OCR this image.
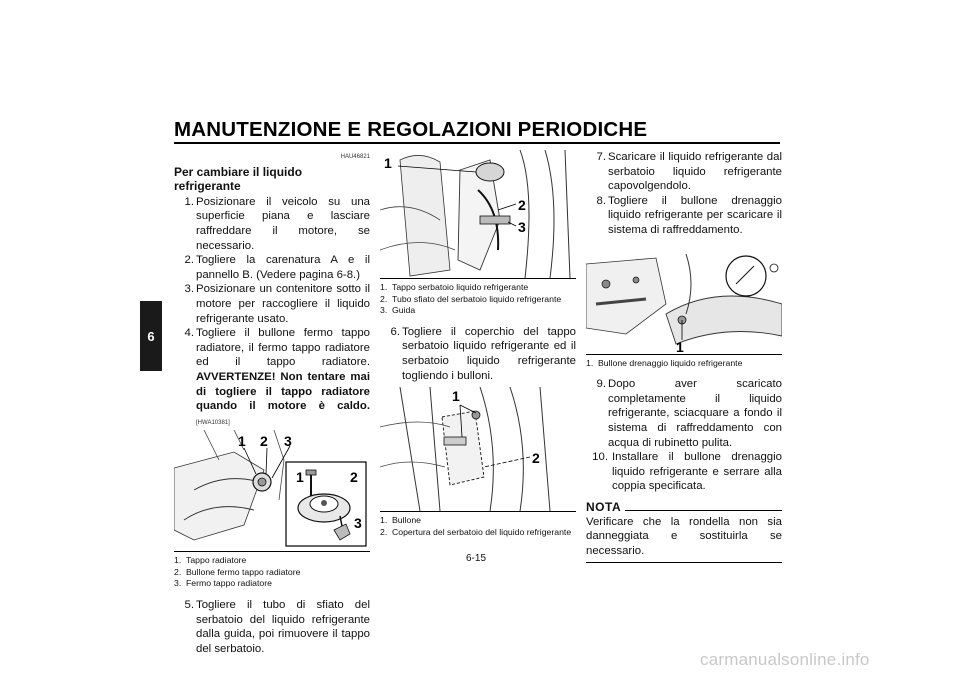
MANUTENZIONE E REGOLAZIONI PERIODICHE
6
HAU46821
Per cambiare il liquido refrigerante
1. Posizionare il veicolo su una superficie piana e lasciare raffreddare il motore, se necessario.
2. Togliere la carenatura A e il pannello B. (Vedere pagina 6-8.)
3. Posizionare un contenitore sotto il motore per raccogliere il liquido refrigerante usato.
4. Togliere il bullone fermo tappo radiatore, il fermo tappo radiatore ed il tappo radiatore. AVVERTENZE! Non tentare mai di togliere il tappo radiatore quando il motore è caldo. [HWA10381]
1 2 3
1	2
3
1. Tappo radiatore
2. Bullone fermo tappo radiatore
3. Fermo tappo radiatore
5. Togliere il tubo di sfiato del serbatoio del liquido refrigerante dalla guida, poi rimuovere il tappo del serbatoio.
1
2
3
1. Tappo serbatoio liquido refrigerante
2. Tubo sfiato del serbatoio liquido refrigerante
3. Guida
6. Togliere il coperchio del tappo serbatoio liquido refrigerante ed il serbatoio liquido refrigerante togliendo i bulloni.
1
2
1. Bullone
2. Copertura del serbatoio del liquido refrigerante
7. Scaricare il liquido refrigerante dal serbatoio liquido refrigerante capovolgendolo.
8. Togliere il bullone drenaggio liquido refrigerante per scaricare il sistema di raffreddamento.
1
1. Bullone drenaggio liquido refrigerante
9. Dopo aver scaricato completamente il liquido refrigerante, sciacquare a fondo il sistema di raffreddamento con acqua di rubinetto pulita.
10. Installare il bullone drenaggio liquido refrigerante e serrare alla coppia specificata.
NOTA
Verificare che la rondella non sia danneggiata e sostituirla se necessario.
6-15
carmanualsonline.info
